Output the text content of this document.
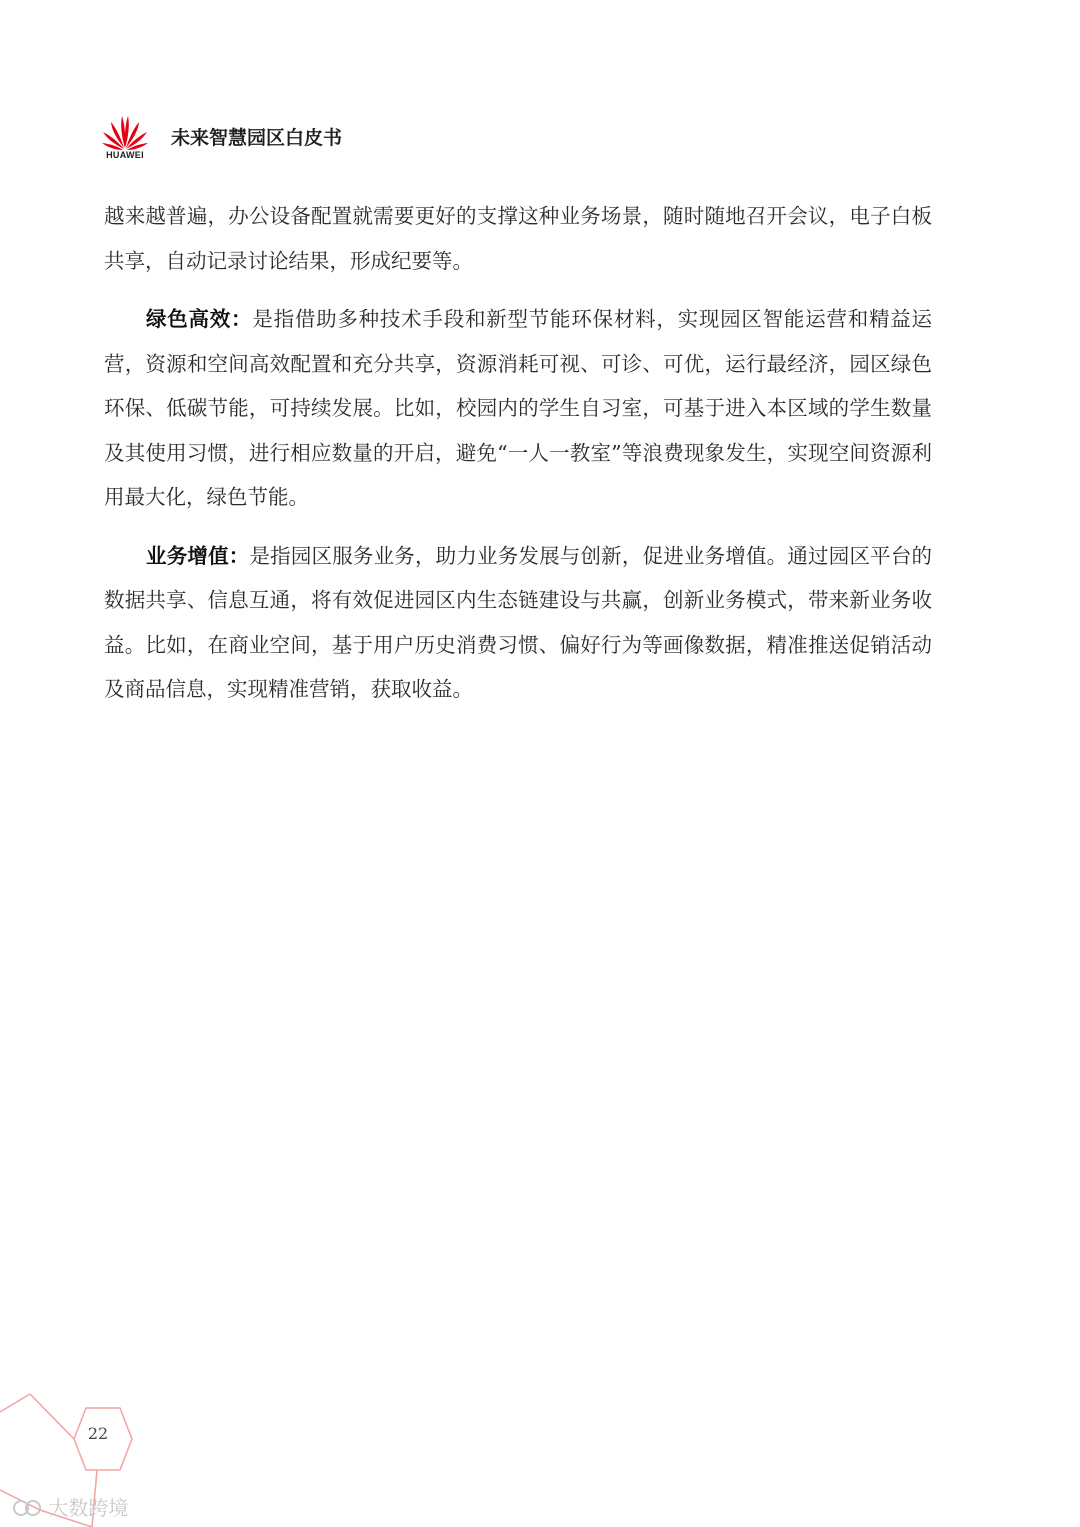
HUAWEI
未来智慧园区白皮书

越来越普遍，办公设备配置就需要更好的支撑这种业务场景，随时随地召开会议，电子白板共享，自动记录讨论结果，形成纪要等。

绿色高效：是指借助多种技术手段和新型节能环保材料，实现园区智能运营和精益运营，资源和空间高效配置和充分共享，资源消耗可视、可诊、可优，运行最经济，园区绿色环保、低碳节能，可持续发展。比如，校园内的学生自习室，可基于进入本区域的学生数量及其使用习惯，进行相应数量的开启，避免“一人一教室”等浪费现象发生，实现空间资源利用最大化，绿色节能。

业务增值：是指园区服务业务，助力业务发展与创新，促进业务增值。通过园区平台的数据共享、信息互通，将有效促进园区内生态链建设与共赢，创新业务模式，带来新业务收益。比如，在商业空间，基于用户历史消费习惯、偏好行为等画像数据，精准推送促销活动及商品信息，实现精准营销，获取收益。

22
大数跨境
